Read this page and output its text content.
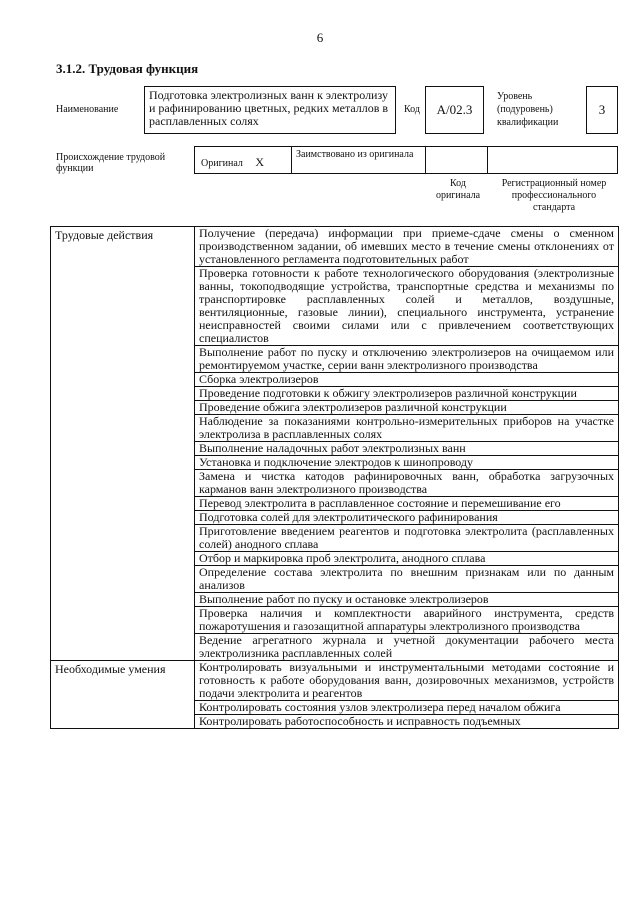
6
3.1.2. Трудовая функция
Наименование
Подготовка электролизных ванн к электролизу и рафинированию цветных, редких металлов в расплавленных солях
Код	А/02.3
Уровень (подуровень) квалификации
3
Происхождение трудовой функции	Оригинал X
Заимствовано из оригинала
Код оригинала
Регистрационный номер профессионального стандарта
Трудовые действия	Получение (передача) информации при приеме-сдаче смены о сменном производственном задании, об имевших место в течение смены отклонениях от установленного регламента подготовительных работ
	Проверка готовности к работе технологического оборудования (электролизные ванны, токоподводящие устройства, транспортные средства и механизмы по транспортировке расплавленных солей и металлов, воздушные, вентиляционные, газовые линии), специального инструмента, устранение неисправностей своими силами или с привлечением соответствующих специалистов
	Выполнение работ по пуску и отключению электролизеров на очищаемом или ремонтируемом участке, серии ванн электролизного производства
	Сборка электролизеров
	Проведение подготовки к обжигу электролизеров различной конструкции
	Проведение обжига электролизеров различной конструкции
	Наблюдение за показаниями контрольно-измерительных приборов на участке электролиза в расплавленных солях
	Выполнение наладочных работ электролизных ванн
	Установка и подключение электродов к шинопроводу
	Замена и чистка катодов рафинировочных ванн, обработка загрузочных карманов ванн электролизного производства
	Перевод электролита в расплавленное состояние и перемешивание его
	Подготовка солей для электролитического рафинирования
	Приготовление введением реагентов и подготовка электролита (расплавленных солей) анодного сплава
	Отбор и маркировка проб электролита, анодного сплава
	Определение состава электролита по внешним признакам или по данным анализов
	Выполнение работ по пуску и остановке электролизеров
	Проверка наличия и комплектности аварийного инструмента, средств пожаротушения и газозащитной аппаратуры электролизного производства
	Ведение агрегатного журнала и учетной документации рабочего места электролизника расплавленных солей
Необходимые умения	Контролировать визуальными и инструментальными методами состояние и готовность к работе оборудования ванн, дозировочных механизмов, устройств подачи электролита и реагентов
	Контролировать состояния узлов электролизера перед началом обжига
	Контролировать работоспособность и исправность подъемных
